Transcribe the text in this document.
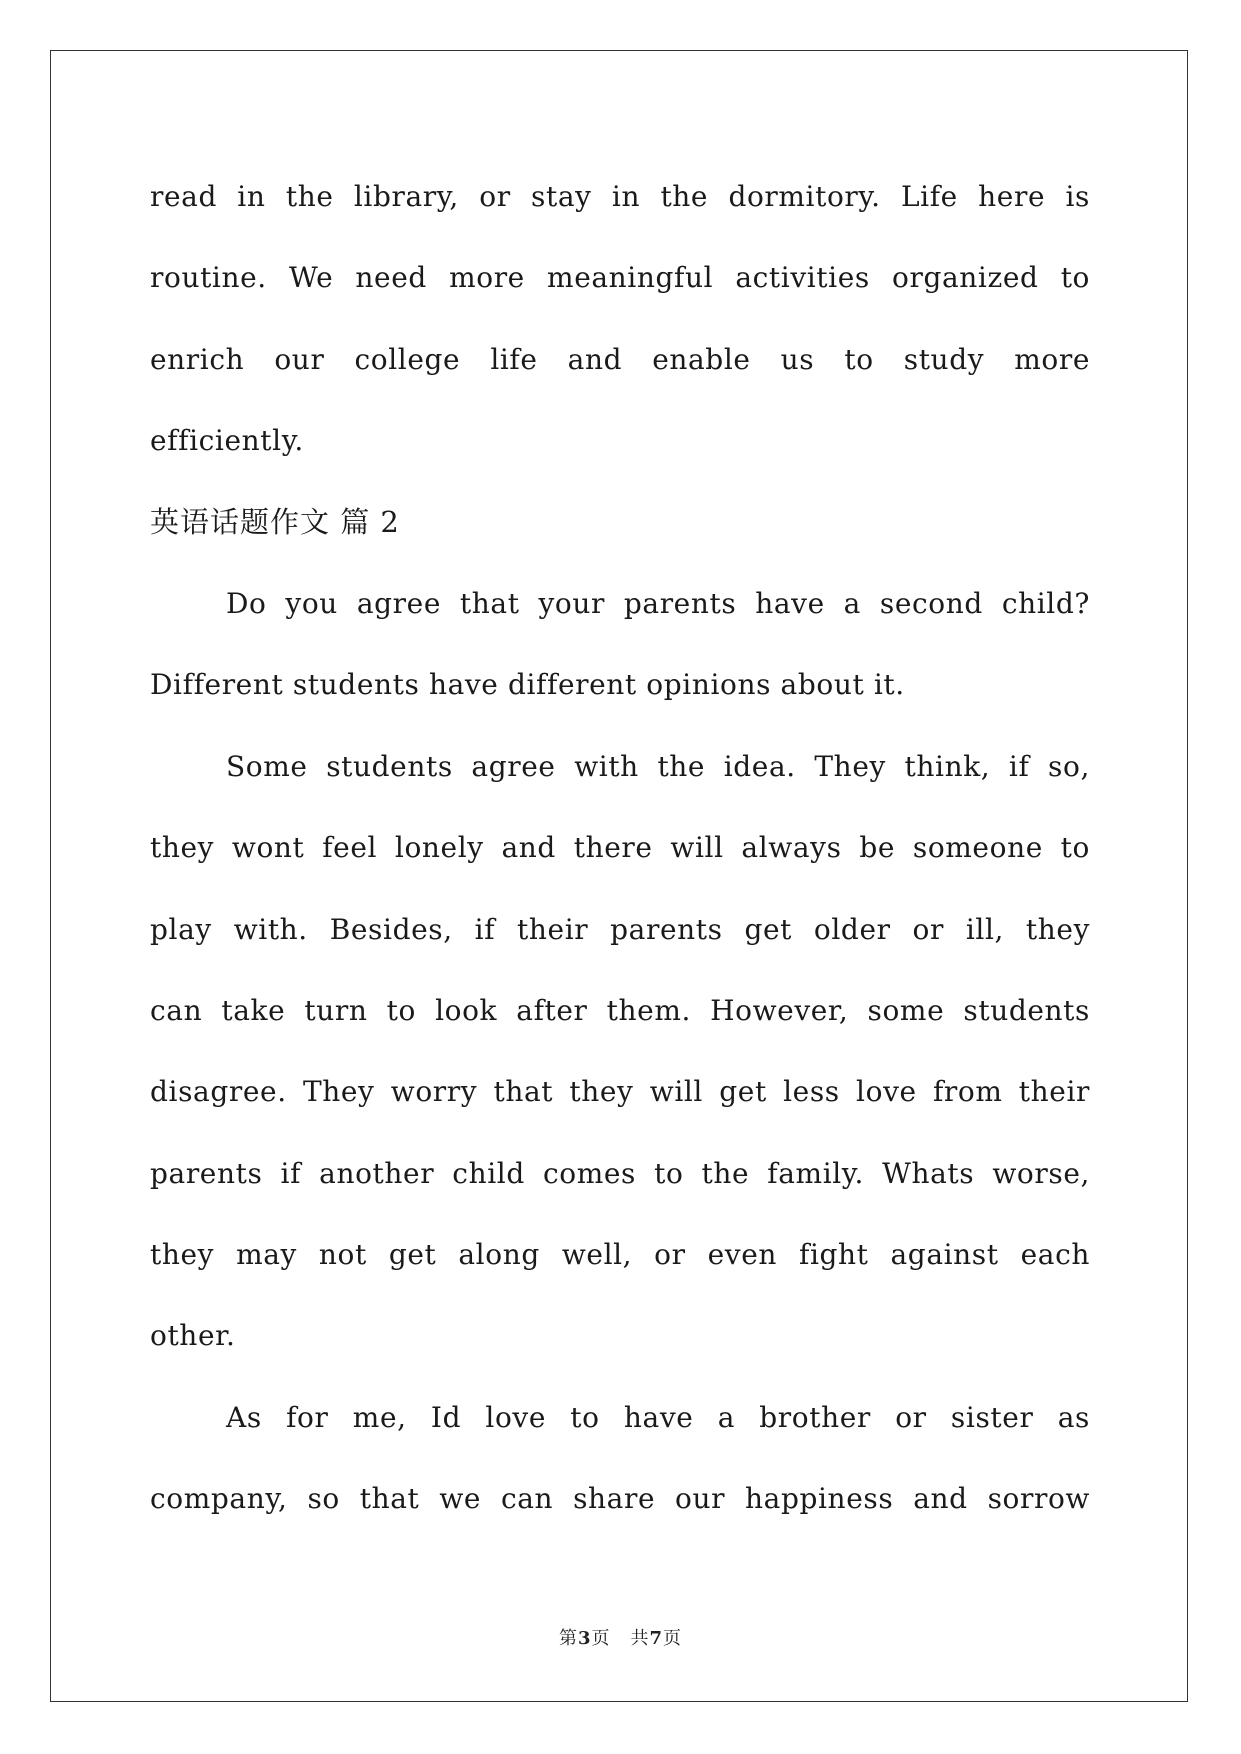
read in the library, or stay in the dormitory. Life here is
routine. We need more meaningful activities organized to
enrich our college life and enable us to study more
efficiently.
英语话题作文 篇 2
Do you agree that your parents have a second child?
Different students have different opinions about it.
Some students agree with the idea. They think, if so,
they wont feel lonely and there will always be someone to
play with. Besides, if their parents get older or ill, they
can take turn to look after them. However, some students
disagree. They worry that they will get less love from their
parents if another child comes to the family. Whats worse,
they may not get along well, or even fight against each
other.
As for me, Id love to have a brother or sister as
company, so that we can share our happiness and sorrow
第3页 共7页
